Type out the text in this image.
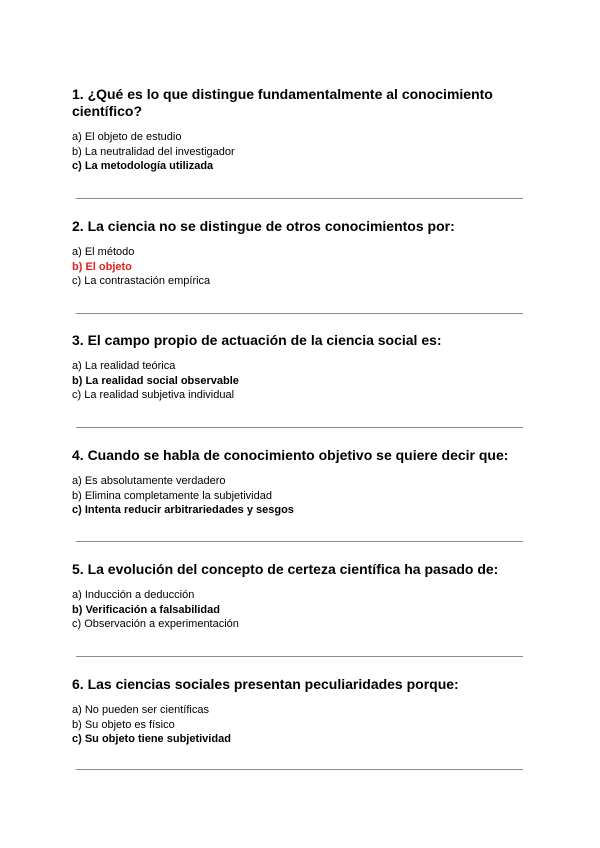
1. ¿Qué es lo que distingue fundamentalmente al conocimiento científico?

a) El objeto de estudio
b) La neutralidad del investigador
c) La metodología utilizada

2. La ciencia no se distingue de otros conocimientos por:

a) El método
b) El objeto
c) La contrastación empírica

3. El campo propio de actuación de la ciencia social es:

a) La realidad teórica
b) La realidad social observable
c) La realidad subjetiva individual

4. Cuando se habla de conocimiento objetivo se quiere decir que:

a) Es absolutamente verdadero
b) Elimina completamente la subjetividad
c) Intenta reducir arbitrariedades y sesgos

5. La evolución del concepto de certeza científica ha pasado de:

a) Inducción a deducción
b) Verificación a falsabilidad
c) Observación a experimentación

6. Las ciencias sociales presentan peculiaridades porque:

a) No pueden ser científicas
b) Su objeto es físico
c) Su objeto tiene subjetividad
